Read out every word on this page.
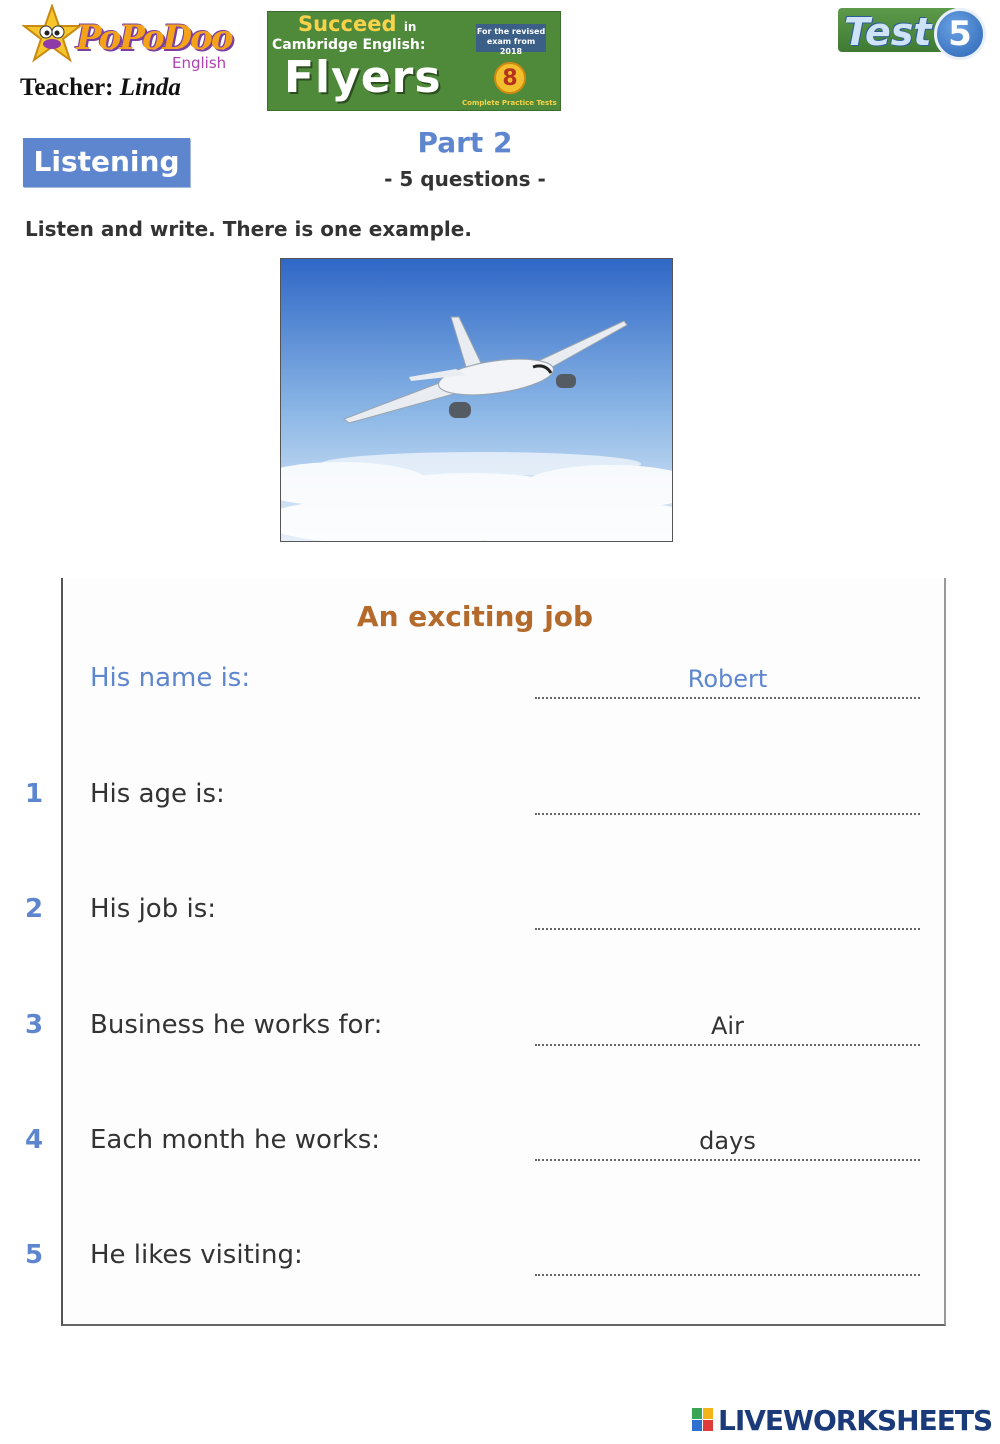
PoPoDoo
English
Teacher: Linda
Succeed in
Cambridge English:
Flyers
For the revised exam from 2018
8
Complete Practice Tests
Test 5
Listening
Part 2
- 5 questions -
Listen and write. There is one example.
An exciting job
His name is:	Robert
1 His age is:
2 His job is:
3 Business he works for:	Air
4 Each month he works:	days
5 He likes visiting:
LIVEWORKSHEETS
